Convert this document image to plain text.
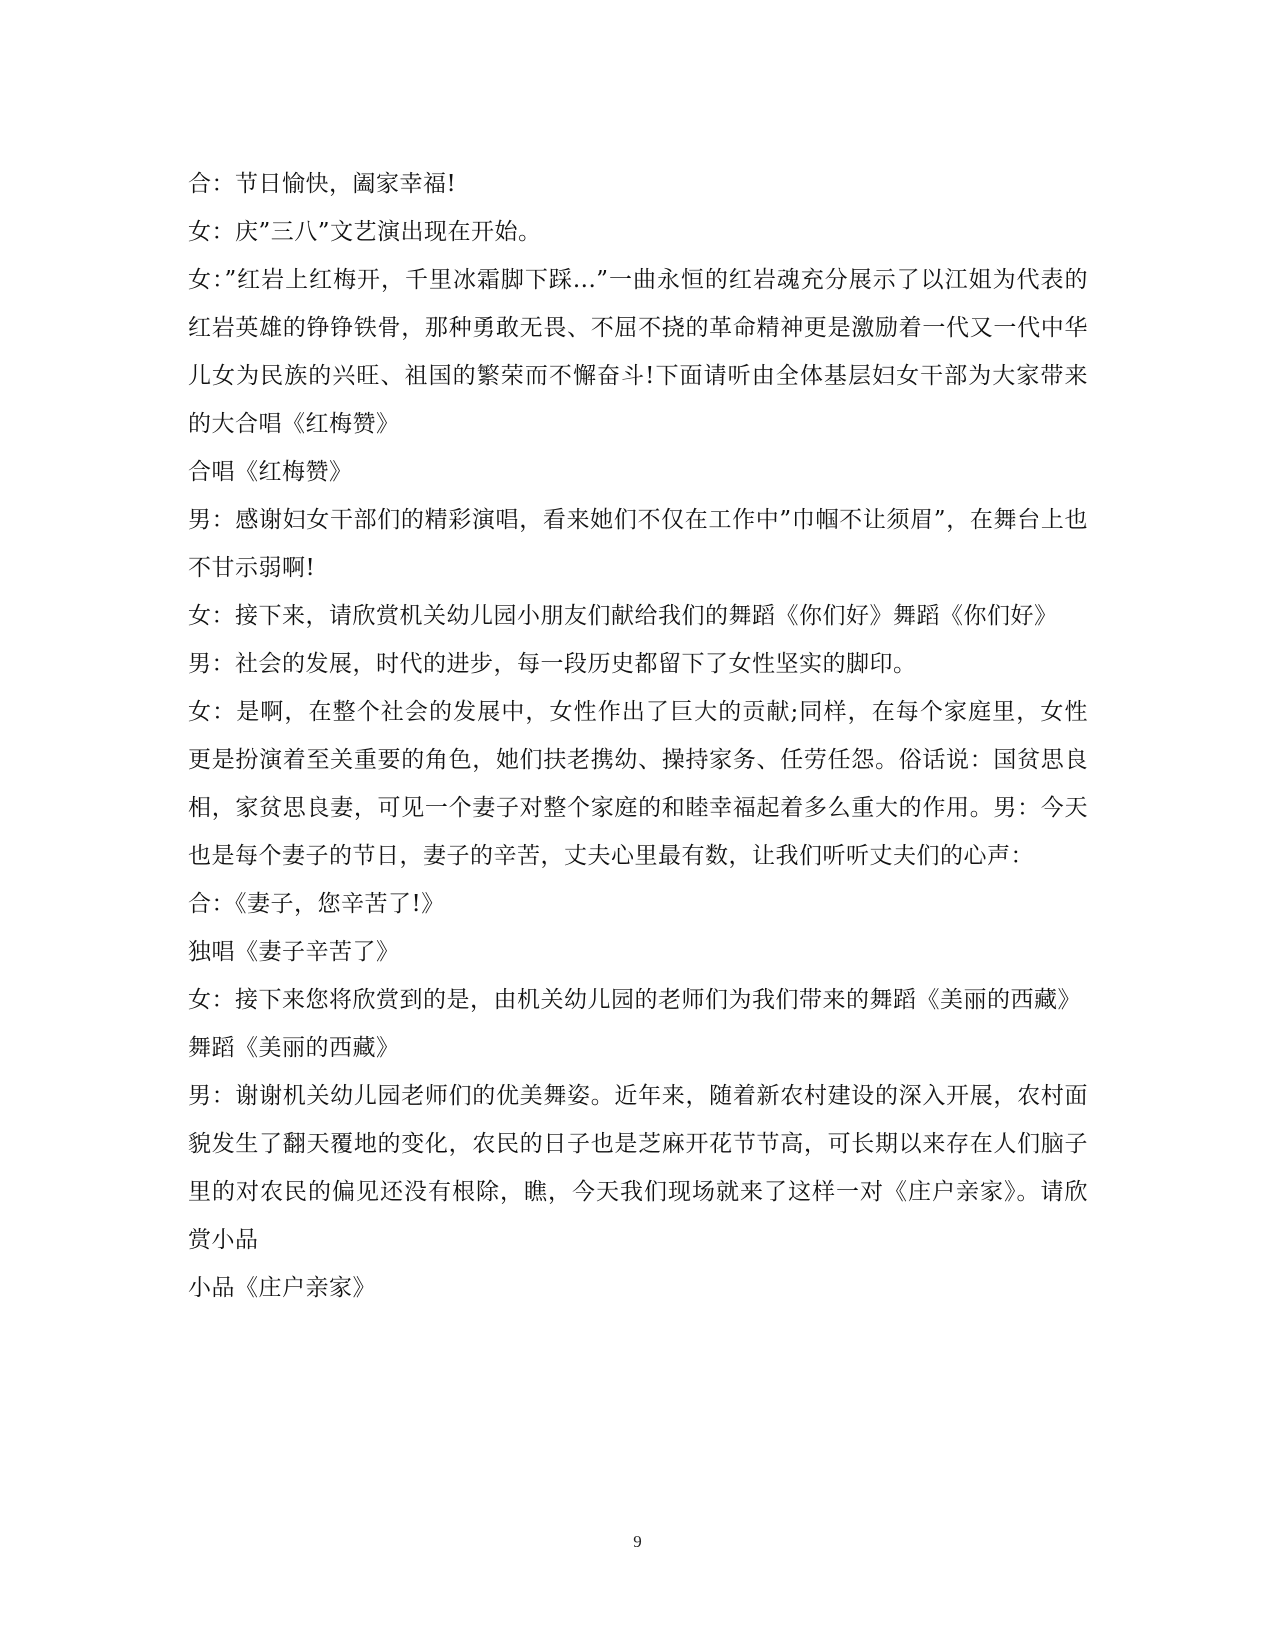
合：节日愉快，阖家幸福!

女：庆”三八”文艺演出现在开始。

女：”红岩上红梅开，千里冰霜脚下踩...”一曲永恒的红岩魂充分展示了以江姐为代表的红岩英雄的铮铮铁骨，那种勇敢无畏、不屈不挠的革命精神更是激励着一代又一代中华儿女为民族的兴旺、祖国的繁荣而不懈奋斗!下面请听由全体基层妇女干部为大家带来的大合唱《红梅赞》

合唱《红梅赞》

男：感谢妇女干部们的精彩演唱，看来她们不仅在工作中”巾帼不让须眉”，在舞台上也不甘示弱啊!

女：接下来，请欣赏机关幼儿园小朋友们献给我们的舞蹈《你们好》舞蹈《你们好》

男：社会的发展，时代的进步，每一段历史都留下了女性坚实的脚印。

女：是啊，在整个社会的发展中，女性作出了巨大的贡献;同样，在每个家庭里，女性更是扮演着至关重要的角色，她们扶老携幼、操持家务、任劳任怨。俗话说：国贫思良相，家贫思良妻，可见一个妻子对整个家庭的和睦幸福起着多么重大的作用。男：今天也是每个妻子的节日，妻子的辛苦，丈夫心里最有数，让我们听听丈夫们的心声：

合：《妻子，您辛苦了!》

独唱《妻子辛苦了》

女：接下来您将欣赏到的是，由机关幼儿园的老师们为我们带来的舞蹈《美丽的西藏》

舞蹈《美丽的西藏》

男：谢谢机关幼儿园老师们的优美舞姿。近年来，随着新农村建设的深入开展，农村面貌发生了翻天覆地的变化，农民的日子也是芝麻开花节节高，可长期以来存在人们脑子里的对农民的偏见还没有根除，瞧，今天我们现场就来了这样一对《庄户亲家》。请欣赏小品

小品《庄户亲家》

9
